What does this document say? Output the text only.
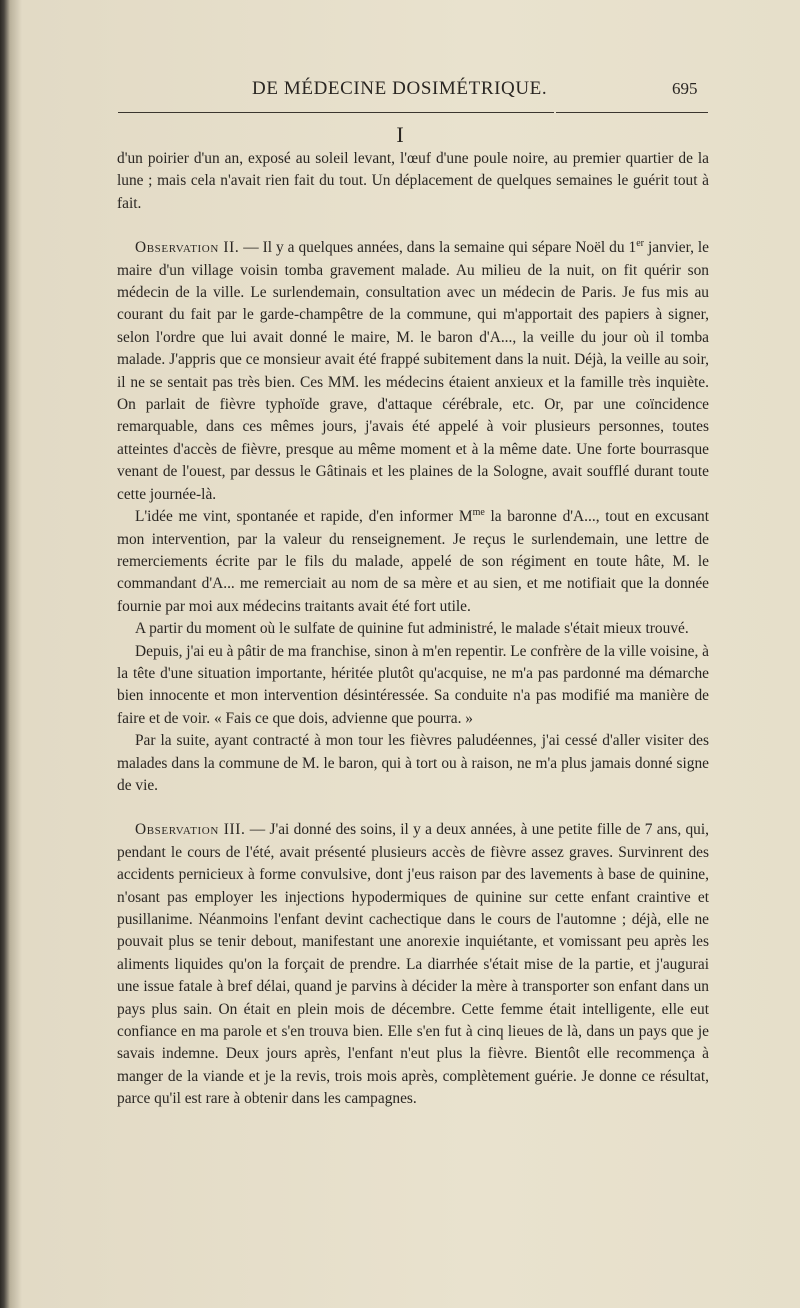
DE MÉDECINE DOSIMÉTRIQUE.	695
I

d'un poirier d'un an, exposé au soleil levant, l'œuf d'une poule noire, au premier quartier de la lune ; mais cela n'avait rien fait du tout. Un déplacement de quelques semaines le guérit tout à fait.

Observation II. — Il y a quelques années, dans la semaine qui sépare Noël du 1er janvier, le maire d'un village voisin tomba gravement malade. Au milieu de la nuit, on fit quérir son médecin de la ville. Le surlendemain, consultation avec un médecin de Paris. Je fus mis au courant du fait par le garde-champêtre de la commune, qui m'apportait des papiers à signer, selon l'ordre que lui avait donné le maire, M. le baron d'A..., la veille du jour où il tomba malade. J'appris que ce monsieur avait été frappé subitement dans la nuit. Déjà, la veille au soir, il ne se sentait pas très bien. Ces MM. les médecins étaient anxieux et la famille très inquiète. On parlait de fièvre typhoïde grave, d'attaque cérébrale, etc. Or, par une coïncidence remarquable, dans ces mêmes jours, j'avais été appelé à voir plusieurs personnes, toutes atteintes d'accès de fièvre, presque au même moment et à la même date. Une forte bourrasque venant de l'ouest, par dessus le Gâtinais et les plaines de la Sologne, avait soufflé durant toute cette journée-là.

L'idée me vint, spontanée et rapide, d'en informer $M^{me}$ la baronne d'A..., tout en excusant mon intervention, par la valeur du renseignement. Je reçus le surlendemain, une lettre de remerciements écrite par le fils du malade, appelé de son régiment en toute hâte, M. le commandant d'A... me remerciait au nom de sa mère et au sien, et me notifiait que la donnée fournie par moi aux médecins traitants avait été fort utile.

A partir du moment où le sulfate de quinine fut administré, le malade s'était mieux trouvé.

Depuis, j'ai eu à pâtir de ma franchise, sinon à m'en repentir. Le confrère de la ville voisine, à la tête d'une situation importante, héritée plutôt qu'acquise, ne m'a pas pardonné ma démarche bien innocente et mon intervention désintéressée. Sa conduite n'a pas modifié ma manière de faire et de voir. « Fais ce que dois, advienne que pourra. »

Par la suite, ayant contracté à mon tour les fièvres paludéennes, j'ai cessé d'aller visiter des malades dans la commune de M. le baron, qui à tort ou à raison, ne m'a plus jamais donné signe de vie.

Observation III. — J'ai donné des soins, il y a deux années, à une petite fille de 7 ans, qui, pendant le cours de l'été, avait présenté plusieurs accès de fièvre assez graves. Survinrent des accidents pernicieux à forme convulsive, dont j'eus raison par des lavements à base de quinine, n'osant pas employer les injections hypodermiques de quinine sur cette enfant craintive et pusillanime. Néanmoins l'enfant devint cachectique dans le cours de l'automne ; déjà, elle ne pouvait plus se tenir debout, manifestant une anorexie inquiétante, et vomissant peu après les aliments liquides qu'on la forçait de prendre. La diarrhée s'était mise de la partie, et j'augurai une issue fatale à bref délai, quand je parvins à décider la mère à transporter son enfant dans un pays plus sain. On était en plein mois de décembre. Cette femme était intelligente, elle eut confiance en ma parole et s'en trouva bien. Elle s'en fut à cinq lieues de là, dans un pays que je savais indemne. Deux jours après, l'enfant n'eut plus la fièvre. Bientôt elle recommença à manger de la viande et je la revis, trois mois après, complètement guérie. Je donne ce résultat, parce qu'il est rare à obtenir dans les campagnes.
